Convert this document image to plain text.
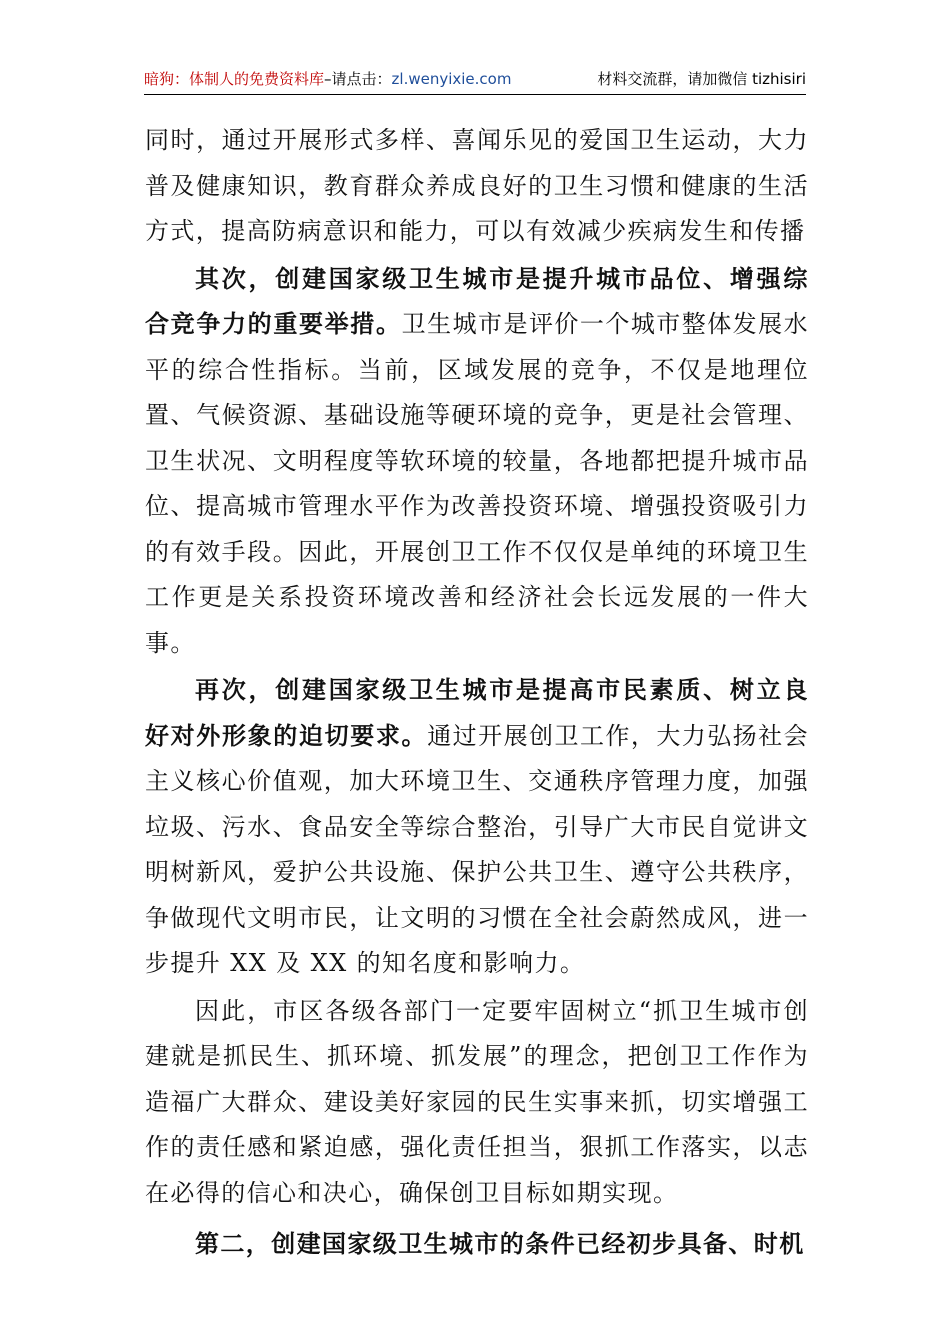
暗狗：体制人的免费资料库–请点击：zl.wenyixie.com	材料交流群，请加微信 tizhisiri

同时，通过开展形式多样、喜闻乐见的爱国卫生运动，大力普及健康知识，教育群众养成良好的卫生习惯和健康的生活方式，提高防病意识和能力，可以有效减少疾病发生和传播

其次，创建国家级卫生城市是提升城市品位、增强综合竞争力的重要举措。卫生城市是评价一个城市整体发展水平的综合性指标。当前，区域发展的竞争，不仅是地理位置、气候资源、基础设施等硬环境的竞争，更是社会管理、卫生状况、文明程度等软环境的较量，各地都把提升城市品位、提高城市管理水平作为改善投资环境、增强投资吸引力的有效手段。因此，开展创卫工作不仅仅是单纯的环境卫生工作更是关系投资环境改善和经济社会长远发展的一件大事。

再次，创建国家级卫生城市是提高市民素质、树立良好对外形象的迫切要求。通过开展创卫工作，大力弘扬社会主义核心价值观，加大环境卫生、交通秩序管理力度，加强垃圾、污水、食品安全等综合整治，引导广大市民自觉讲文明树新风，爱护公共设施、保护公共卫生、遵守公共秩序，争做现代文明市民，让文明的习惯在全社会蔚然成风，进一步提升 XX 及 XX 的知名度和影响力。

因此，市区各级各部门一定要牢固树立“抓卫生城市创建就是抓民生、抓环境、抓发展”的理念，把创卫工作作为造福广大群众、建设美好家园的民生实事来抓，切实增强工作的责任感和紧迫感，强化责任担当，狠抓工作落实，以志在必得的信心和决心，确保创卫目标如期实现。

第二，创建国家级卫生城市的条件已经初步具备、时机
